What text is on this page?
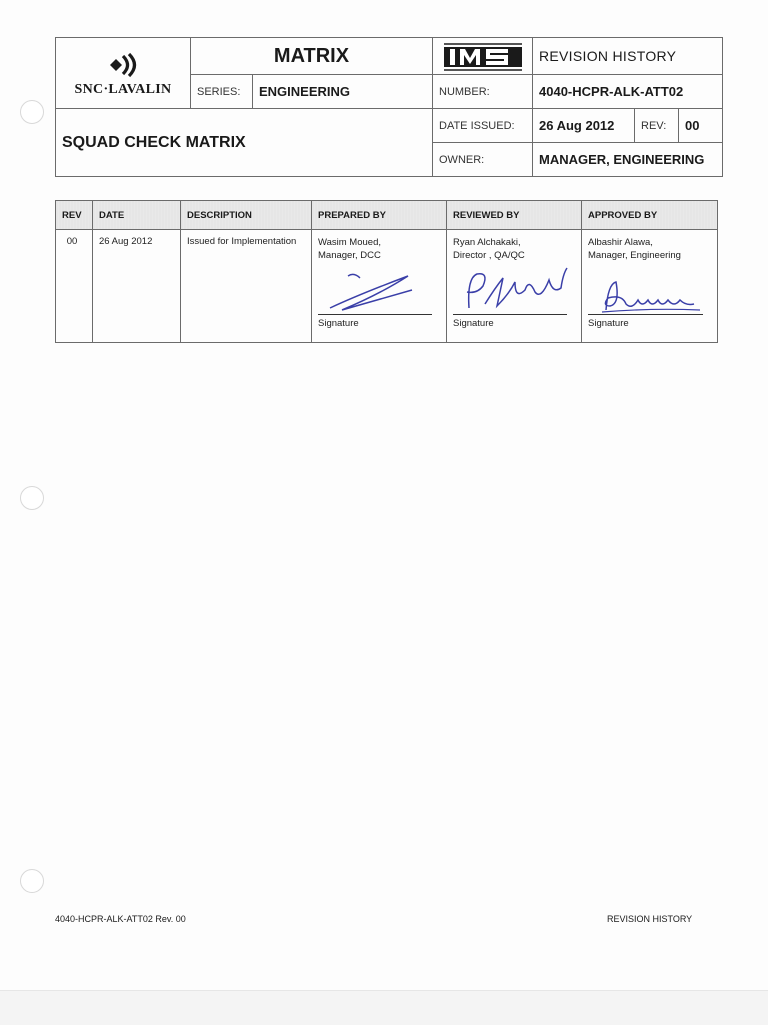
SNC·LAVALIN	MATRIX			REVISION HISTORY		
	SERIES:	ENGINEERING	NUMBER:	4040-HCPR-ALK-ATT02		
SQUAD CHECK MATRIX			DATE ISSUED:	26 Aug 2012	REV:	00
			OWNER:	MANAGER, ENGINEERING		
REV	DATE	DESCRIPTION	PREPARED BY	REVIEWED BY	APPROVED BY
00	26 Aug 2012	Issued for Implementation	Wasim Moued,
Manager, DCC
Signature	Ryan Alchakaki,
Director , QA/QC
Signature	Albashir Alawa,
Manager, Engineering
Signature
4040-HCPR-ALK-ATT02 Rev. 00	REVISION HISTORY
